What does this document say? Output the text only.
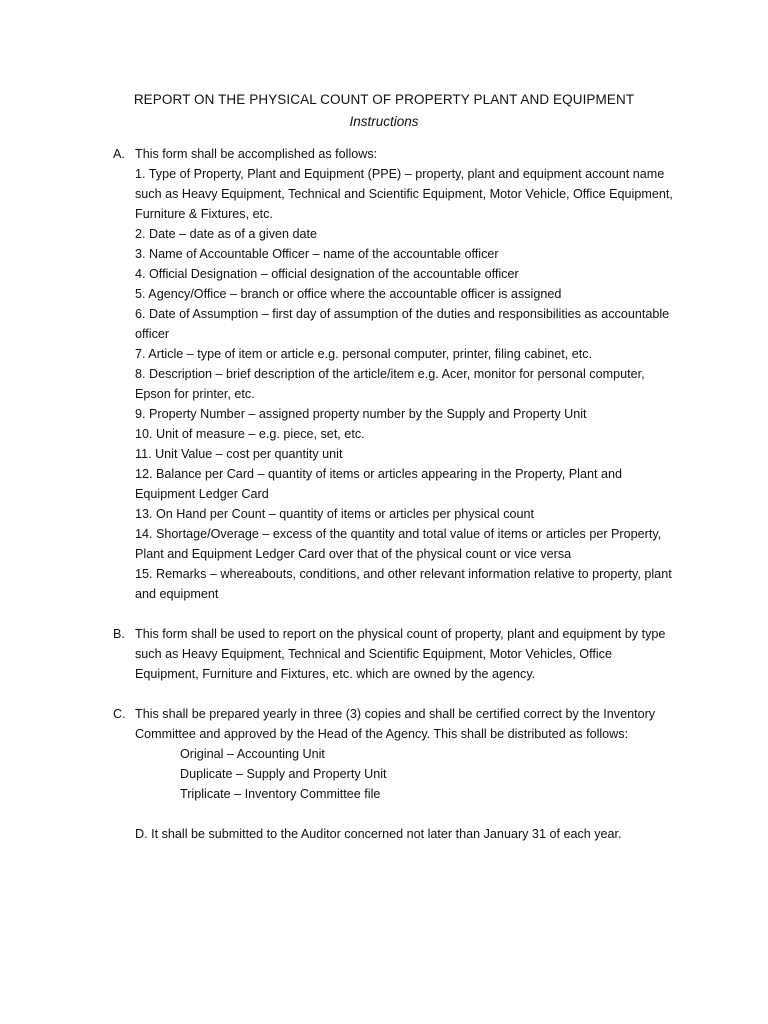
REPORT ON THE PHYSICAL COUNT OF PROPERTY PLANT AND EQUIPMENT
Instructions
A. This form shall be accomplished as follows:
1. Type of Property, Plant and Equipment (PPE) – property, plant and equipment account name such as Heavy Equipment, Technical and Scientific Equipment, Motor Vehicle, Office Equipment, Furniture & Fixtures, etc.
2. Date – date as of a given date
3. Name of Accountable Officer – name of the accountable officer
4. Official Designation – official designation of the accountable officer
5. Agency/Office – branch or office where the accountable officer is assigned
6. Date of Assumption – first day of assumption of the duties and responsibilities as accountable officer
7. Article – type of item or article e.g. personal computer, printer, filing cabinet, etc.
8. Description – brief description of the article/item e.g. Acer, monitor for personal computer, Epson for printer, etc.
9. Property Number – assigned property number by the Supply and Property Unit
10. Unit of measure – e.g. piece, set, etc.
11. Unit Value – cost per quantity unit
12. Balance per Card – quantity of items or articles appearing in the Property, Plant and Equipment Ledger Card
13. On Hand per Count – quantity of items or articles per physical count
14. Shortage/Overage – excess of the quantity and total value of items or articles per Property, Plant and Equipment Ledger Card over that of the physical count or vice versa
15. Remarks – whereabouts, conditions, and other relevant information relative to property, plant and equipment
B. This form shall be used to report on the physical count of property, plant and equipment by type such as Heavy Equipment, Technical and Scientific Equipment, Motor Vehicles, Office Equipment, Furniture and Fixtures, etc. which are owned by the agency.
C. This shall be prepared yearly in three (3) copies and shall be certified correct by the Inventory Committee and approved by the Head of the Agency. This shall be distributed as follows:
Original – Accounting Unit
Duplicate – Supply and Property Unit
Triplicate – Inventory Committee file
D. It shall be submitted to the Auditor concerned not later than January 31 of each year.
